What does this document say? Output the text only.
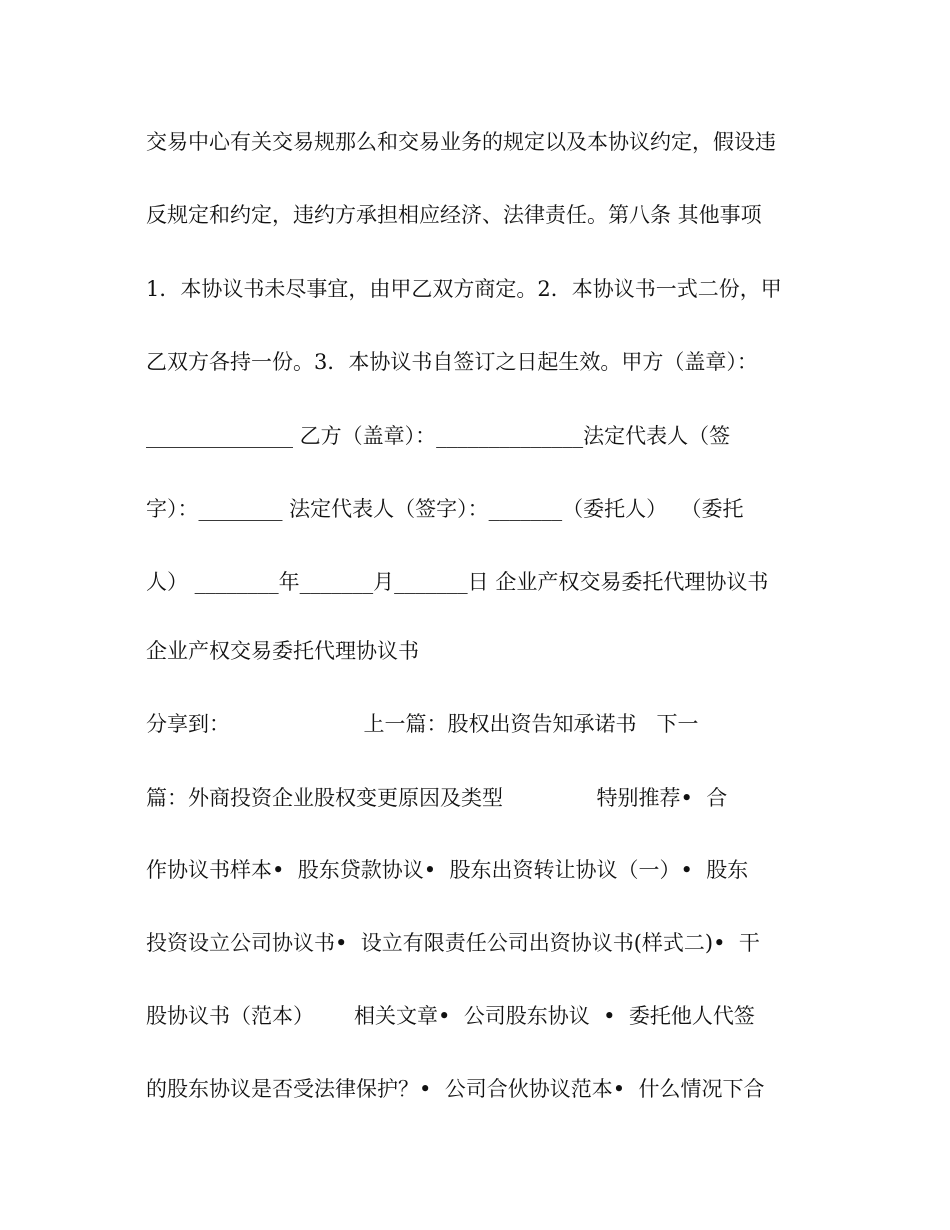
交易中心有关交易规那么和交易业务的规定以及本协议约定，假设违
反规定和约定，违约方承担相应经济、法律责任。第八条 其他事项
1．本协议书未尽事宜，由甲乙双方商定。2．本协议书一式二份，甲
乙双方各持一份。3．本协议书自签订之日起生效。甲方（盖章）：
______________ 乙方（盖章）：______________法定代表人（签
字）：________ 法定代表人（签字）：_______（委托人）  （委托
人） ________年_______月_______日 企业产权交易委托代理协议书
企业产权交易委托代理协议书
分享到：                    上一篇：股权出资告知承诺书   下一
篇：外商投资企业股权变更原因及类型              特别推荐•  合
作协议书样本•  股东贷款协议•  股东出资转让协议（一）•  股东
投资设立公司协议书•  设立有限责任公司出资协议书(样式二)•  干
股协议书（范本）      相关文章•  公司股东协议  •  委托他人代签
的股东协议是否受法律保护？•  公司合伙协议范本•  什么情况下合
